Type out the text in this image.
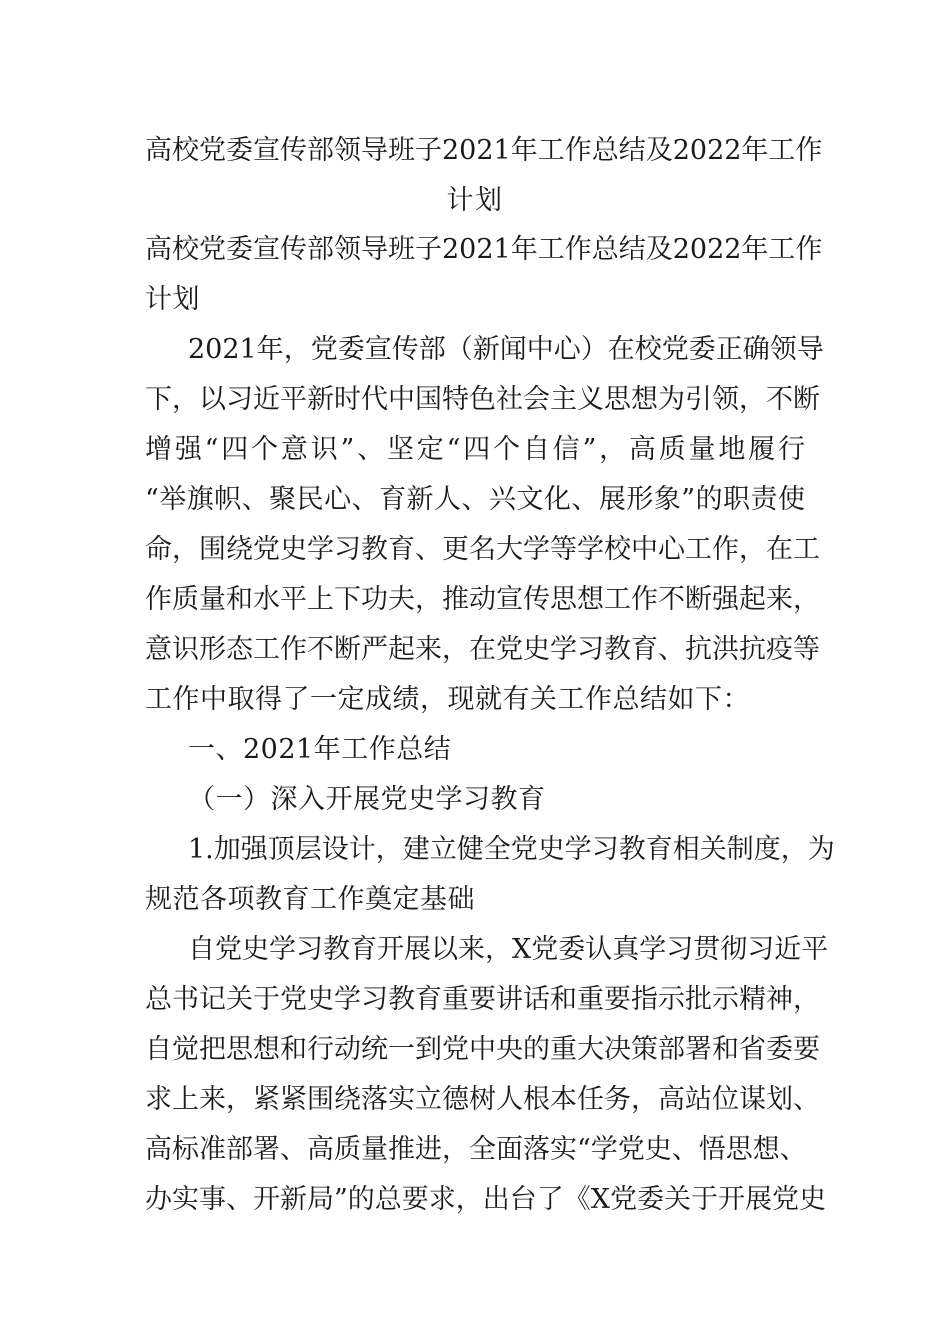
高校党委宣传部领导班子2021年工作总结及2022年工作
计划
高校党委宣传部领导班子2021年工作总结及2022年工作
计划
2021年，党委宣传部（新闻中心）在校党委正确领导
下，以习近平新时代中国特色社会主义思想为引领，不断
增强“四个意识”、坚定“四个自信”，高质量地履行
“举旗帜、聚民心、育新人、兴文化、展形象”的职责使
命，围绕党史学习教育、更名大学等学校中心工作，在工
作质量和水平上下功夫，推动宣传思想工作不断强起来，
意识形态工作不断严起来，在党史学习教育、抗洪抗疫等
工作中取得了一定成绩，现就有关工作总结如下：
一、2021年工作总结
（一）深入开展党史学习教育
1.加强顶层设计，建立健全党史学习教育相关制度，为
规范各项教育工作奠定基础
自党史学习教育开展以来，X党委认真学习贯彻习近平
总书记关于党史学习教育重要讲话和重要指示批示精神，
自觉把思想和行动统一到党中央的重大决策部署和省委要
求上来，紧紧围绕落实立德树人根本任务，高站位谋划、
高标准部署、高质量推进，全面落实“学党史、悟思想、
办实事、开新局”的总要求，出台了《X党委关于开展党史
